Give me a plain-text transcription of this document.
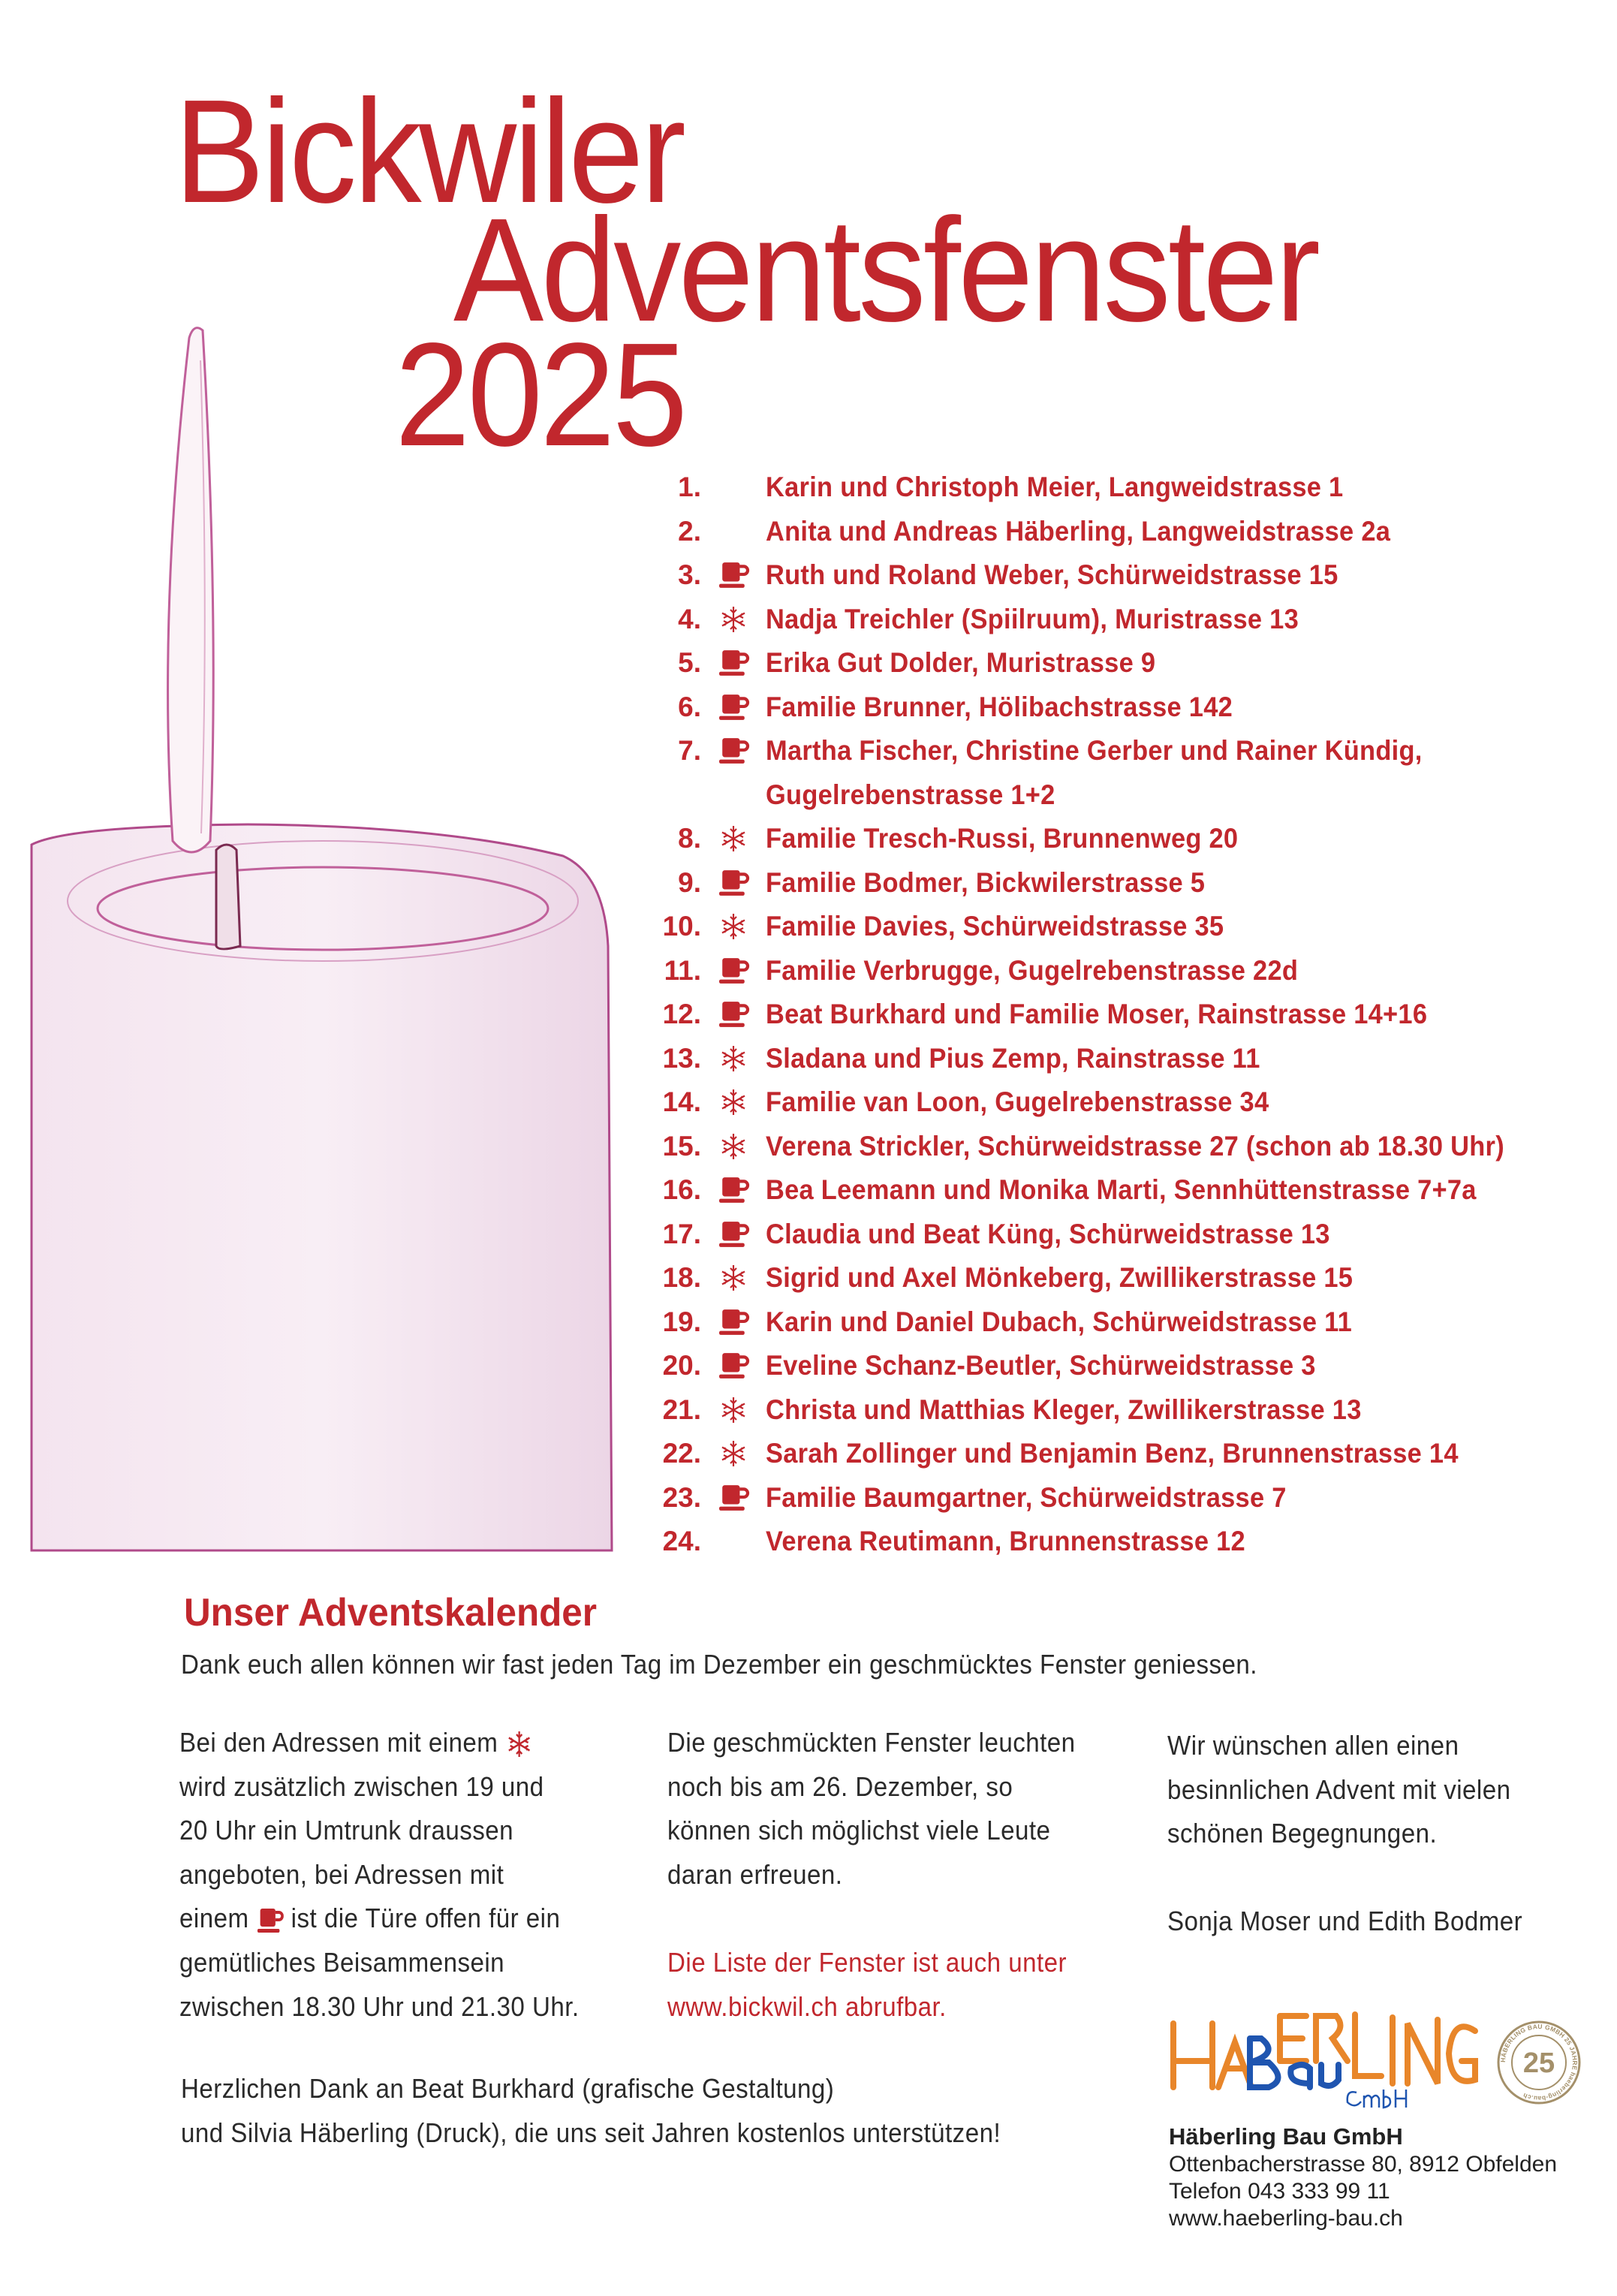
Bickwiler
Adventsfenster
2025
1. Karin und Christoph Meier, Langweidstrasse 1
2. Anita und Andreas Häberling, Langweidstrasse 2a
3. Ruth und Roland Weber, Schürweidstrasse 15
4. Nadja Treichler (Spiilruum), Muristrasse 13
5. Erika Gut Dolder, Muristrasse 9
6. Familie Brunner, Hölibachstrasse 142
7. Martha Fischer, Christine Gerber und Rainer Kündig,
Gugelrebenstrasse 1+2
8. Familie Tresch-Russi, Brunnenweg 20
9. Familie Bodmer, Bickwilerstrasse 5
10. Familie Davies, Schürweidstrasse 35
11. Familie Verbrugge, Gugelrebenstrasse 22d
12. Beat Burkhard und Familie Moser, Rainstrasse 14+16
13. Sladana und Pius Zemp, Rainstrasse 11
14. Familie van Loon, Gugelrebenstrasse 34
15. Verena Strickler, Schürweidstrasse 27 (schon ab 18.30 Uhr)
16. Bea Leemann und Monika Marti, Sennhüttenstrasse 7+7a
17. Claudia und Beat Küng, Schürweidstrasse 13
18. Sigrid und Axel Mönkeberg, Zwillikerstrasse 15
19. Karin und Daniel Dubach, Schürweidstrasse 11
20. Eveline Schanz-Beutler, Schürweidstrasse 3
21. Christa und Matthias Kleger, Zwillikerstrasse 13
22. Sarah Zollinger und Benjamin Benz, Brunnenstrasse 14
23. Familie Baumgartner, Schürweidstrasse 7
24. Verena Reutimann, Brunnenstrasse 12
Unser Adventskalender
Dank euch allen können wir fast jeden Tag im Dezember ein geschmücktes Fenster geniessen.
Bei den Adressen mit einem
wird zusätzlich zwischen 19 und
20 Uhr ein Umtrunk draussen
angeboten, bei Adressen mit
einem ist die Türe offen für ein
gemütliches Beisammensein
zwischen 18.30 Uhr und 21.30 Uhr.
Die geschmückten Fenster leuchten
noch bis am 26. Dezember, so
können sich möglichst viele Leute
daran erfreuen.

Die Liste der Fenster ist auch unter
www.bickwil.ch abrufbar.
Wir wünschen allen einen
besinnlichen Advent mit vielen
schönen Begegnungen.

Sonja Moser und Edith Bodmer
Herzlichen Dank an Beat Burkhard (grafische Gestaltung)
und Silvia Häberling (Druck), die uns seit Jahren kostenlos unterstützen!
HÄBERLING BAU GMBH 25 JAHRE haeberling-bau.ch
25
Häberling Bau GmbH
Ottenbacherstrasse 80, 8912 Obfelden
Telefon 043 333 99 11
www.haeberling-bau.ch
